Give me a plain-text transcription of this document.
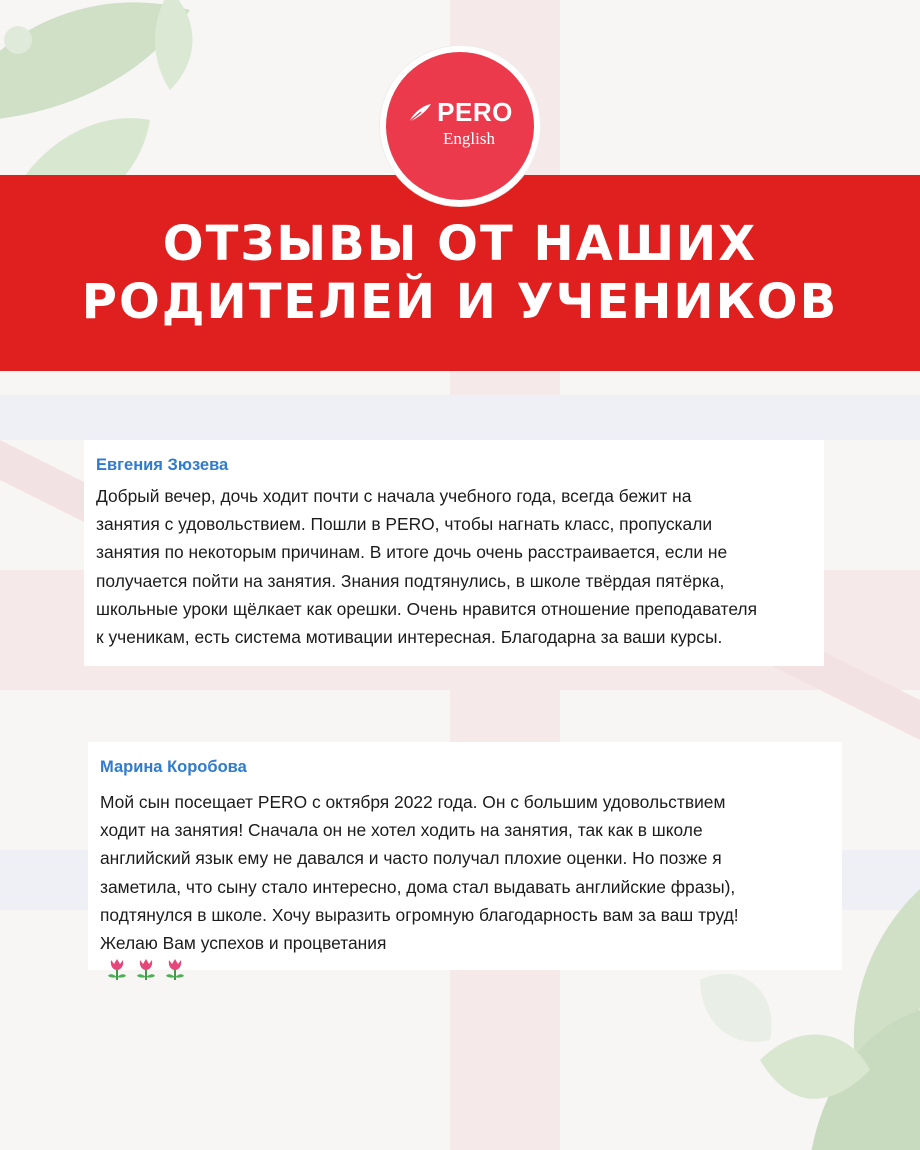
PERO
English
ОТЗЫВЫ ОТ НАШИХ
РОДИТЕЛЕЙ И УЧЕНИКОВ
Евгения Зюзева
Добрый вечер, дочь ходит почти с начала учебного года, всегда бежит на
занятия с удовольствием. Пошли в PERO, чтобы нагнать класс, пропускали
занятия по некоторым причинам. В итоге дочь очень расстраивается, если не
получается пойти на занятия. Знания подтянулись, в школе твёрдая пятёрка,
школьные уроки щёлкает как орешки. Очень нравится отношение преподавателя
к ученикам, есть система мотивации интересная. Благодарна за ваши курсы.
Марина Коробова
Мой сын посещает PERO с октября 2022 года. Он с большим удовольствием
ходит на занятия! Сначала он не хотел ходить на занятия, так как в школе
английский язык ему не давался и часто получал плохие оценки. Но позже я
заметила, что сыну стало интересно, дома стал выдавать английские фразы),
подтянулся в школе. Хочу выразить огромную благодарность вам за ваш труд!
Желаю Вам успехов и процветания
